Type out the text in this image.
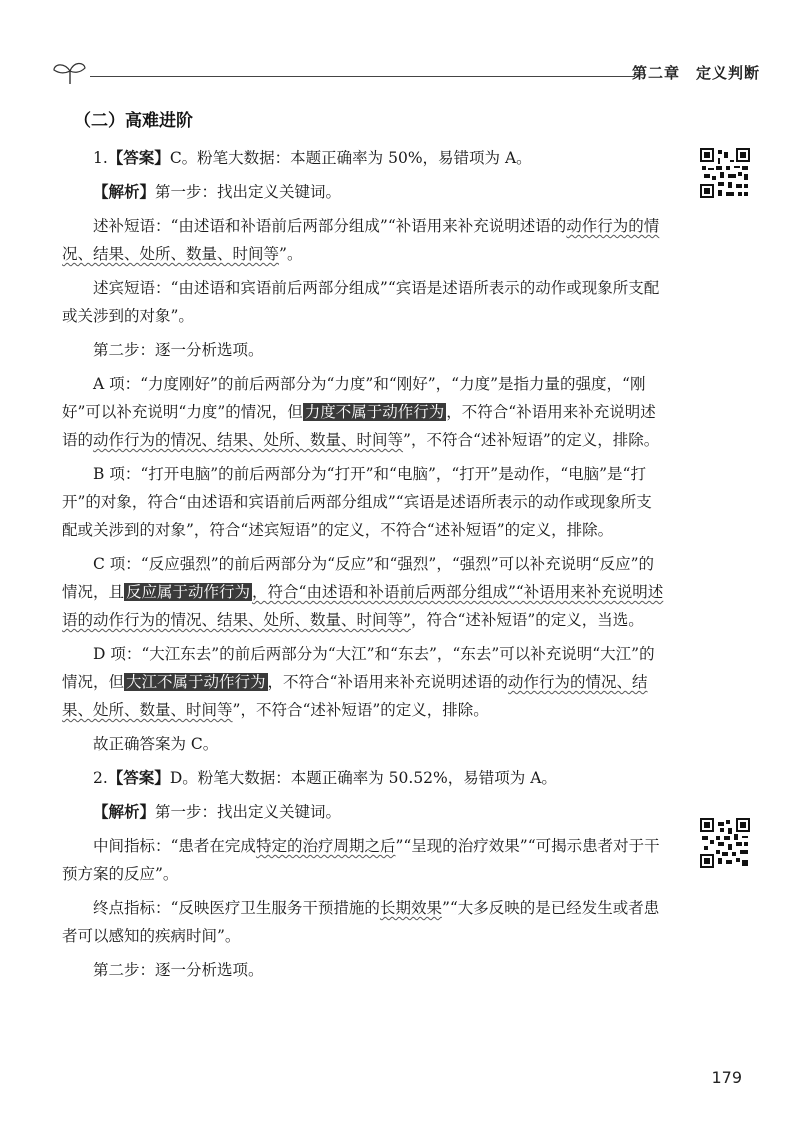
第二章 定义判断
（二）高难进阶

1.【答案】C。粉笔大数据：本题正确率为 50%，易错项为 A。

【解析】第一步：找出定义关键词。

述补短语：“由述语和补语前后两部分组成”“补语用来补充说明述语的动作行为的情况、结果、处所、数量、时间等”。

述宾短语：“由述语和宾语前后两部分组成”“宾语是述语所表示的动作或现象所支配或关涉到的对象”。

第二步：逐一分析选项。

A 项：“力度刚好”的前后两部分为“力度”和“刚好”，“力度”是指力量的强度，“刚好”可以补充说明“力度”的情况，但 力度不属于动作行为 ，不符合“补语用来补充说明述语的动作行为的情况、结果、处所、数量、时间等”，不符合“述补短语”的定义，排除。

B 项：“打开电脑”的前后两部分为“打开”和“电脑”，“打开”是动作，“电脑”是“打开”的对象，符合“由述语和宾语前后两部分组成”“宾语是述语所表示的动作或现象所支配或关涉到的对象”，符合“述宾短语”的定义，不符合“述补短语”的定义，排除。

C 项：“反应强烈”的前后两部分为“反应”和“强烈”，“强烈”可以补充说明“反应”的情况，且 反应属于动作行为 ，符合“由述语和补语前后两部分组成”“补语用来补充说明述语的动作行为的情况、结果、处所、数量、时间等”，符合“述补短语”的定义，当选。

D 项：“大江东去”的前后两部分为“大江”和“东去”，“东去”可以补充说明“大江”的情况，但 大江不属于动作行为 ，不符合“补语用来补充说明述语的动作行为的情况、结果、处所、数量、时间等”，不符合“述补短语”的定义，排除。

故正确答案为 C。

2.【答案】D。粉笔大数据：本题正确率为 50.52%，易错项为 A。

【解析】第一步：找出定义关键词。

中间指标：“患者在完成特定的治疗周期之后”“呈现的治疗效果”“可揭示患者对于干预方案的反应”。

终点指标：“反映医疗卫生服务干预措施的长期效果”“大多反映的是已经发生或者患者可以感知的疾病时间”。

第二步：逐一分析选项。

179
